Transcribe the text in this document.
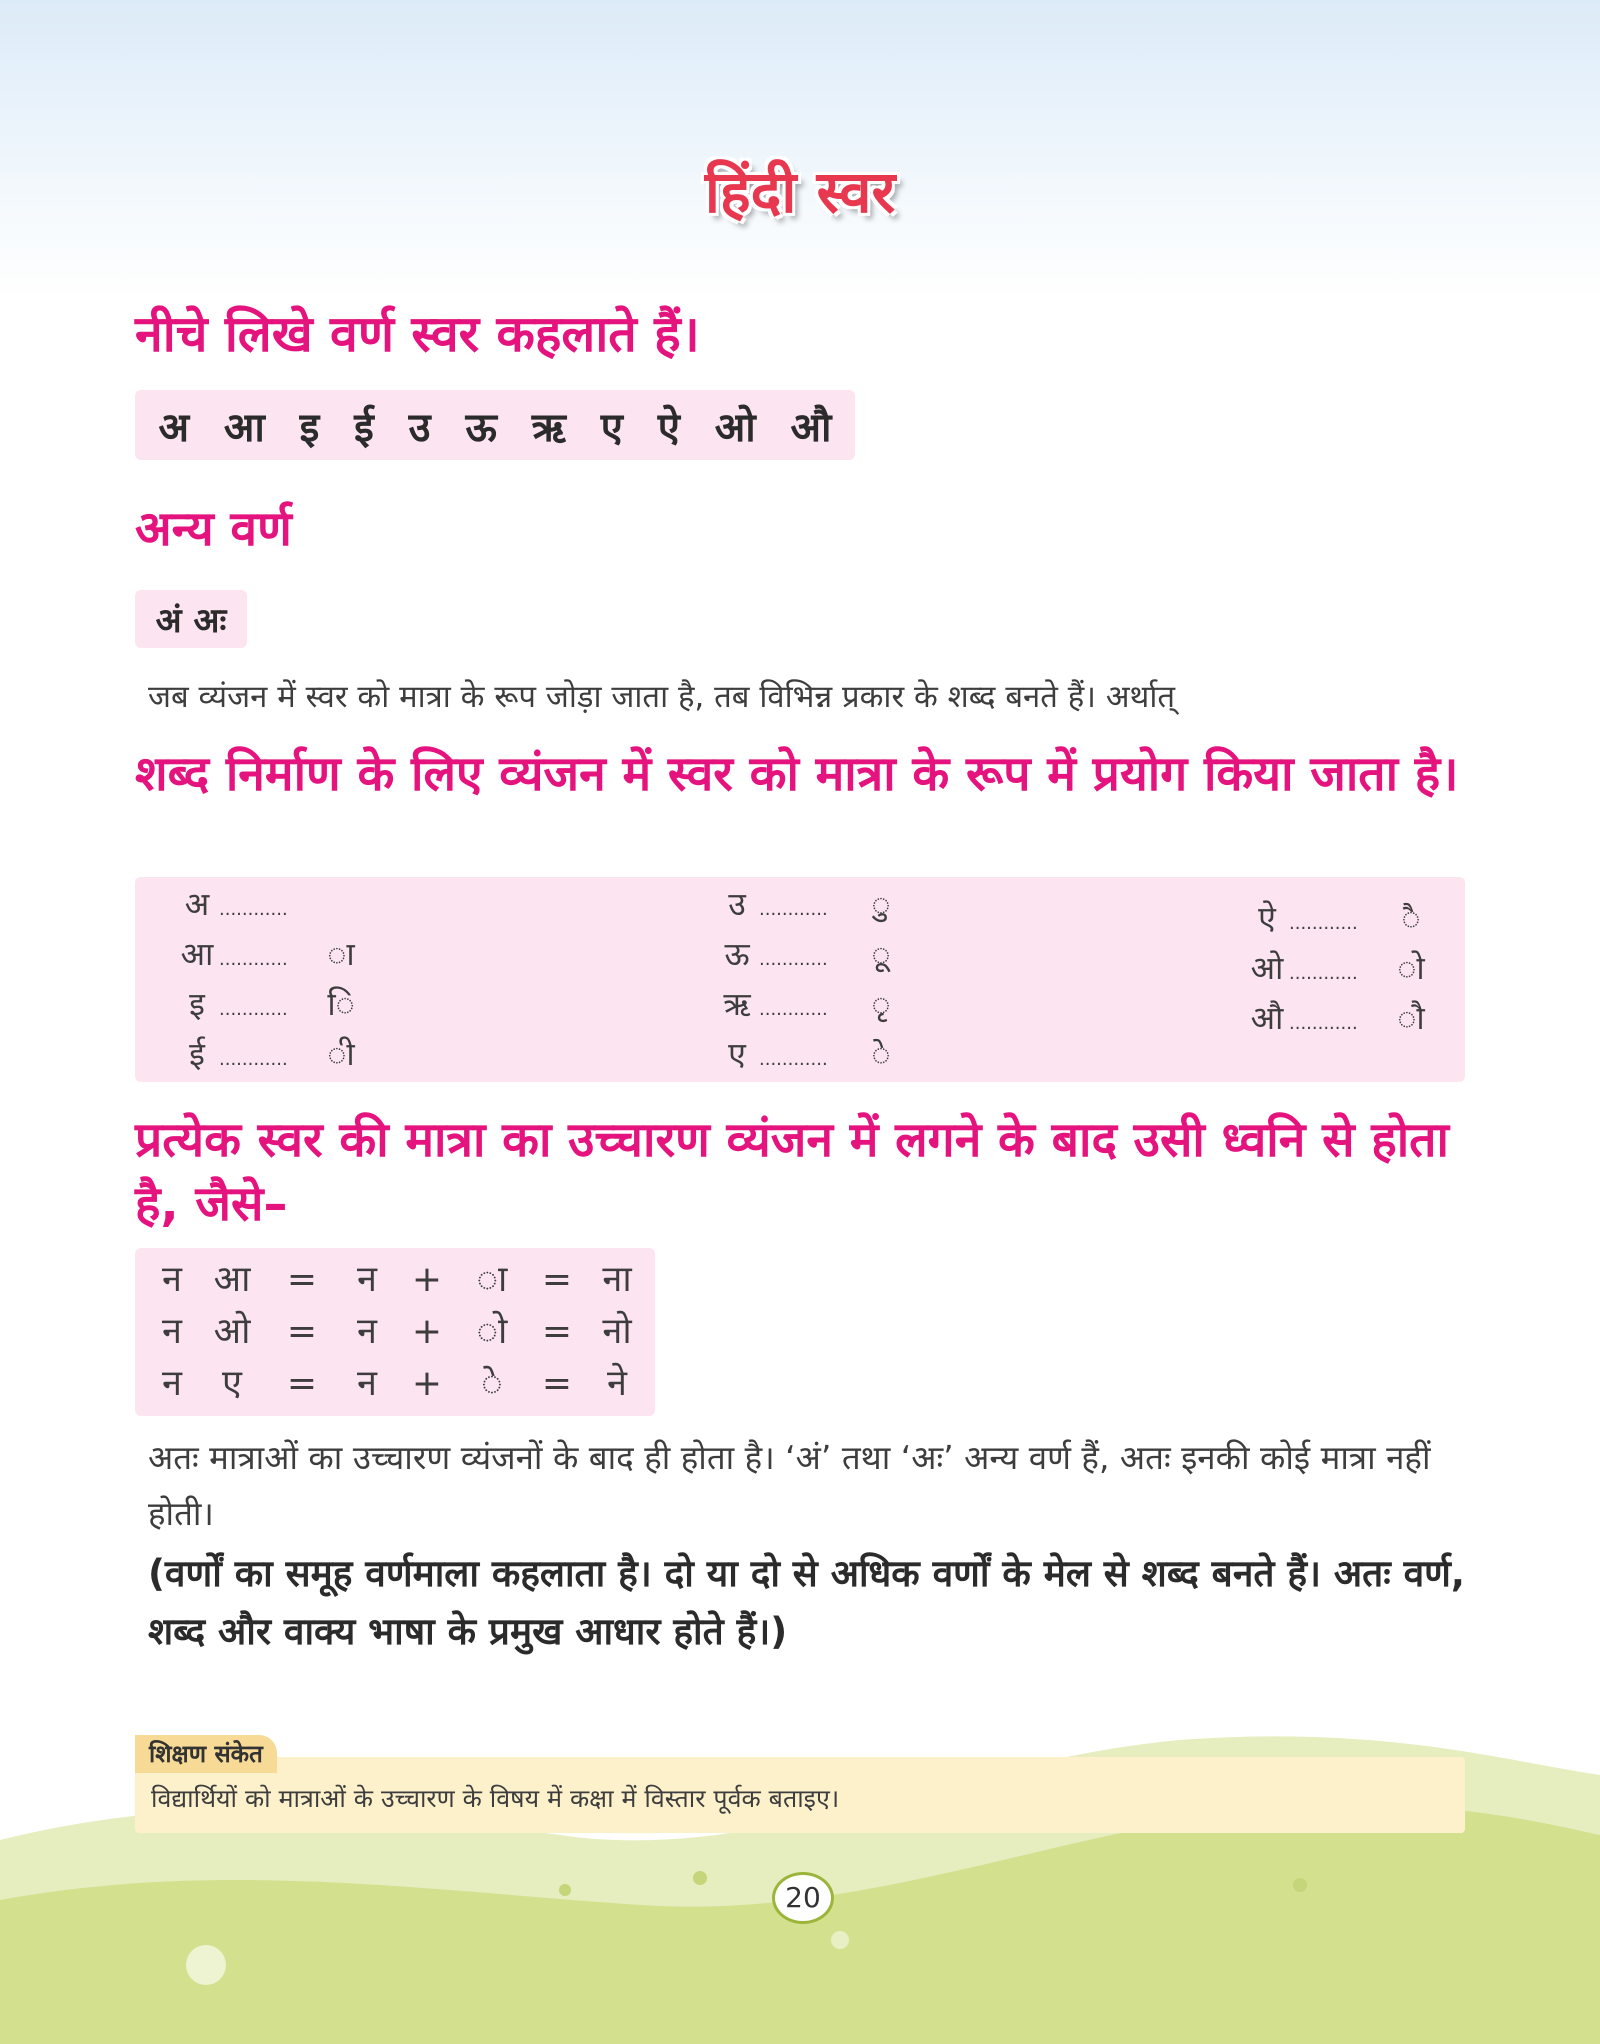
हिंदी स्वर
नीचे लिखे वर्ण स्वर कहलाते हैं।
अ आ इ ई उ ऊ ऋ ए ऐ ओ औ
अन्य वर्ण
अं अः
जब व्यंजन में स्वर को मात्रा के रूप जोड़ा जाता है, तब विभिन्न प्रकार के शब्द बनते हैं। अर्थात्
शब्द निर्माण के लिए व्यंजन में स्वर को मात्रा के रूप में प्रयोग किया जाता है।
अ ............
आ ............ ◌ा
इ ............ ◌ि
ई ............ ◌ी
उ ............ ◌ु
ऊ ............ ◌ू
ऋ ............ ◌ृ
ए ............ ◌े
ऐ ............ ◌ै
ओ ............ ◌ो
औ ............ ◌ौ
प्रत्येक स्वर की मात्रा का उच्चारण व्यंजन में लगने के बाद उसी ध्वनि से होता है, जैसे–
न आ	=	न + ◌ा = ना
न ओ	=	न + ◌ो = नो
न	ए	=	न +	◌े	= ने
अतः मात्राओं का उच्चारण व्यंजनों के बाद ही होता है। ‘अं’ तथा ‘अः’ अन्य वर्ण हैं, अतः इनकी कोई मात्रा नहीं होती।
(वर्णों का समूह वर्णमाला कहलाता है। दो या दो से अधिक वर्णों के मेल से शब्द बनते हैं। अतः वर्ण, शब्द और वाक्य भाषा के प्रमुख आधार होते हैं।)
विद्यार्थियों को मात्राओं के उच्चारण के विषय में कक्षा में विस्तार पूर्वक बताइए।
शिक्षण संकेत
20
